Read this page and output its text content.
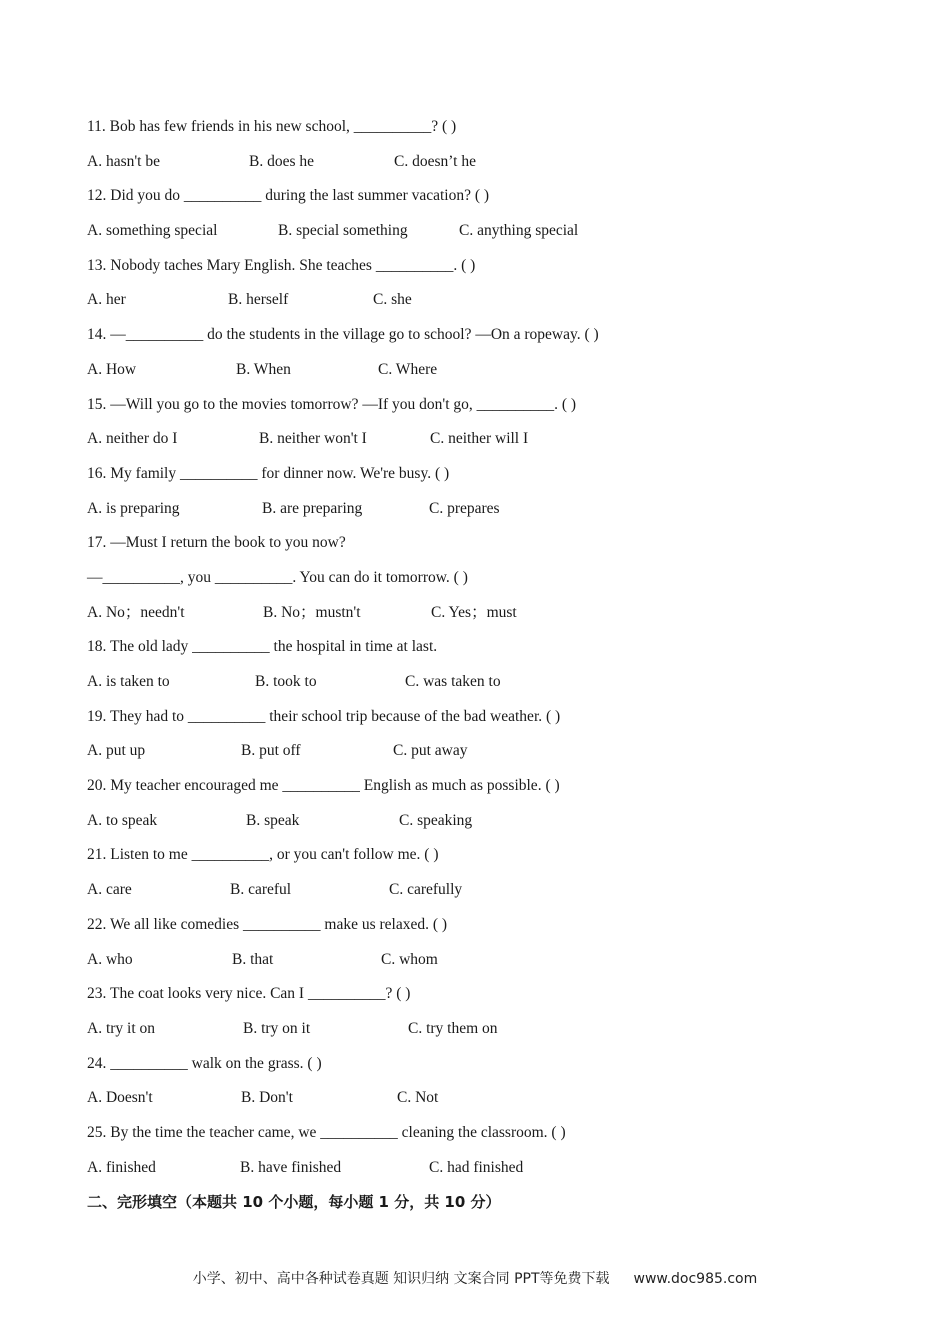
11. Bob has few friends in his new school, __________? ( )
A. hasn't be	B. does he	C. doesn’t he
12. Did you do __________ during the last summer vacation? ( )
A. something special	B. special something	C. anything special
13. Nobody taches Mary English. She teaches __________. ( )
A. her	B. herself	C. she
14. —__________ do the students in the village go to school? —On a ropeway. ( )
A. How	B. When	C. Where
15. —Will you go to the movies tomorrow? —If you don't go, __________. ( )
A. neither do I	B. neither won't I	C. neither will I
16. My family __________ for dinner now. We're busy. ( )
A. is preparing	B. are preparing	C. prepares
17. —Must I return the book to you now?
—__________, you __________. You can do it tomorrow. ( )
A. No；needn't	B. No；mustn't	C. Yes；must
18. The old lady __________ the hospital in time at last.
A. is taken to	B. took to	C. was taken to
19. They had to __________ their school trip because of the bad weather. ( )
A. put up	B. put off	C. put away
20. My teacher encouraged me __________ English as much as possible. ( )
A. to speak	B. speak	C. speaking
21. Listen to me __________, or you can't follow me. ( )
A. care	B. careful	C. carefully
22. We all like comedies __________ make us relaxed. ( )
A. who	B. that	C. whom
23. The coat looks very nice. Can I __________? ( )
A. try it on	B. try on it	C. try them on
24. __________ walk on the grass. ( )
A. Doesn't	B. Don't	C. Not
25. By the time the teacher came, we __________ cleaning the classroom. ( )
A. finished	B. have finished	C. had finished
二、完形填空（本题共 10 个小题，每小题 1 分，共 10 分）
小学、初中、高中各种试卷真题 知识归纳 文案合同 PPT等免费下载 www.doc985.com
